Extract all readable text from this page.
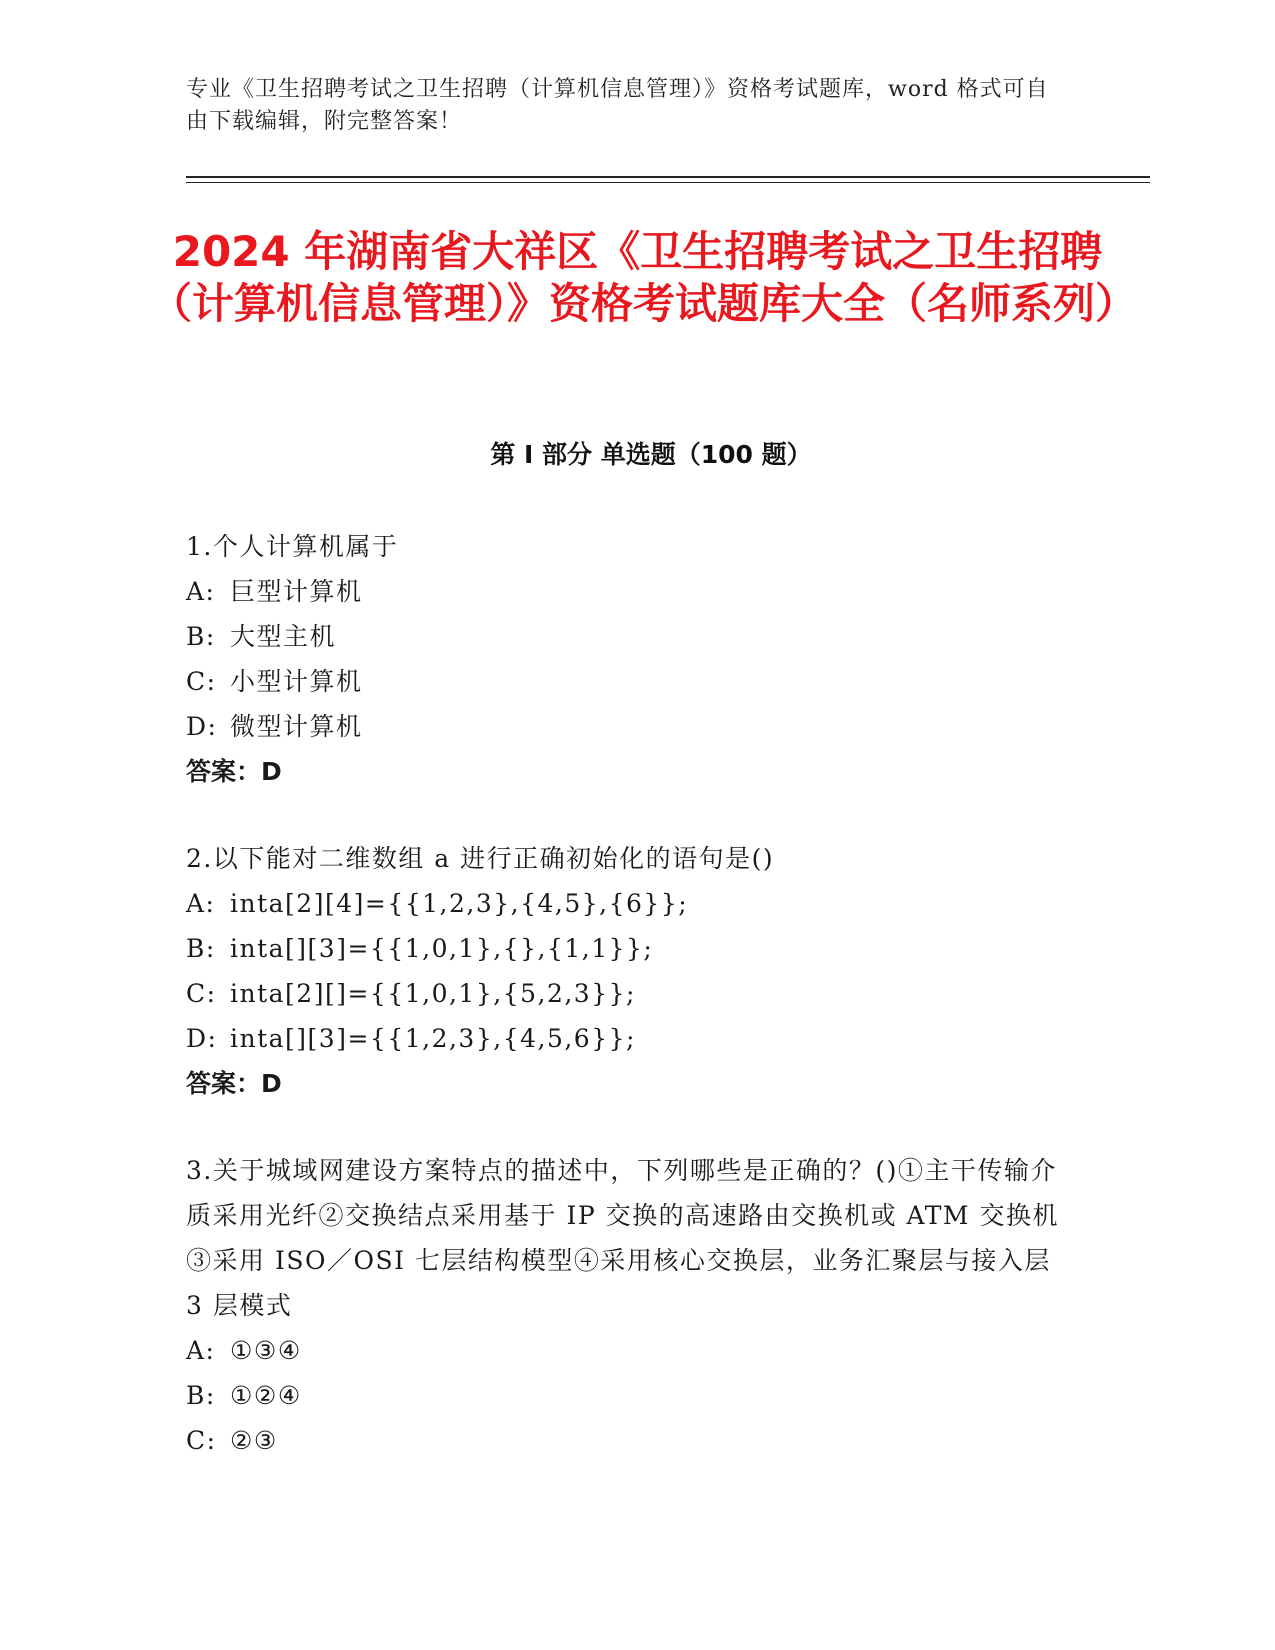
专业《卫生招聘考试之卫生招聘（计算机信息管理）》资格考试题库，word 格式可自由下载编辑，附完整答案！
2024 年湖南省大祥区《卫生招聘考试之卫生招聘（计算机信息管理）》资格考试题库大全（名师系列）
第 I 部分 单选题（100 题）

1.个人计算机属于

A: 巨型计算机

B: 大型主机

C: 小型计算机

D: 微型计算机

答案：D

2.以下能对二维数组 a 进行正确初始化的语句是()

A: inta[2][4]={{1,2,3},{4,5},{6}};

B: inta[][3]={{1,0,1},{},{1,1}};

C: inta[2][]={{1,0,1},{5,2,3}};

D: inta[][3]={{1,2,3},{4,5,6}};

答案：D

3.关于城域网建设方案特点的描述中，下列哪些是正确的？()①主干传输介质采用光纤②交换结点采用基于 IP 交换的高速路由交换机或 ATM 交换机③采用 ISO／OSI 七层结构模型④采用核心交换层，业务汇聚层与接入层 3 层模式

A: ①③④

B: ①②④

C: ②③
